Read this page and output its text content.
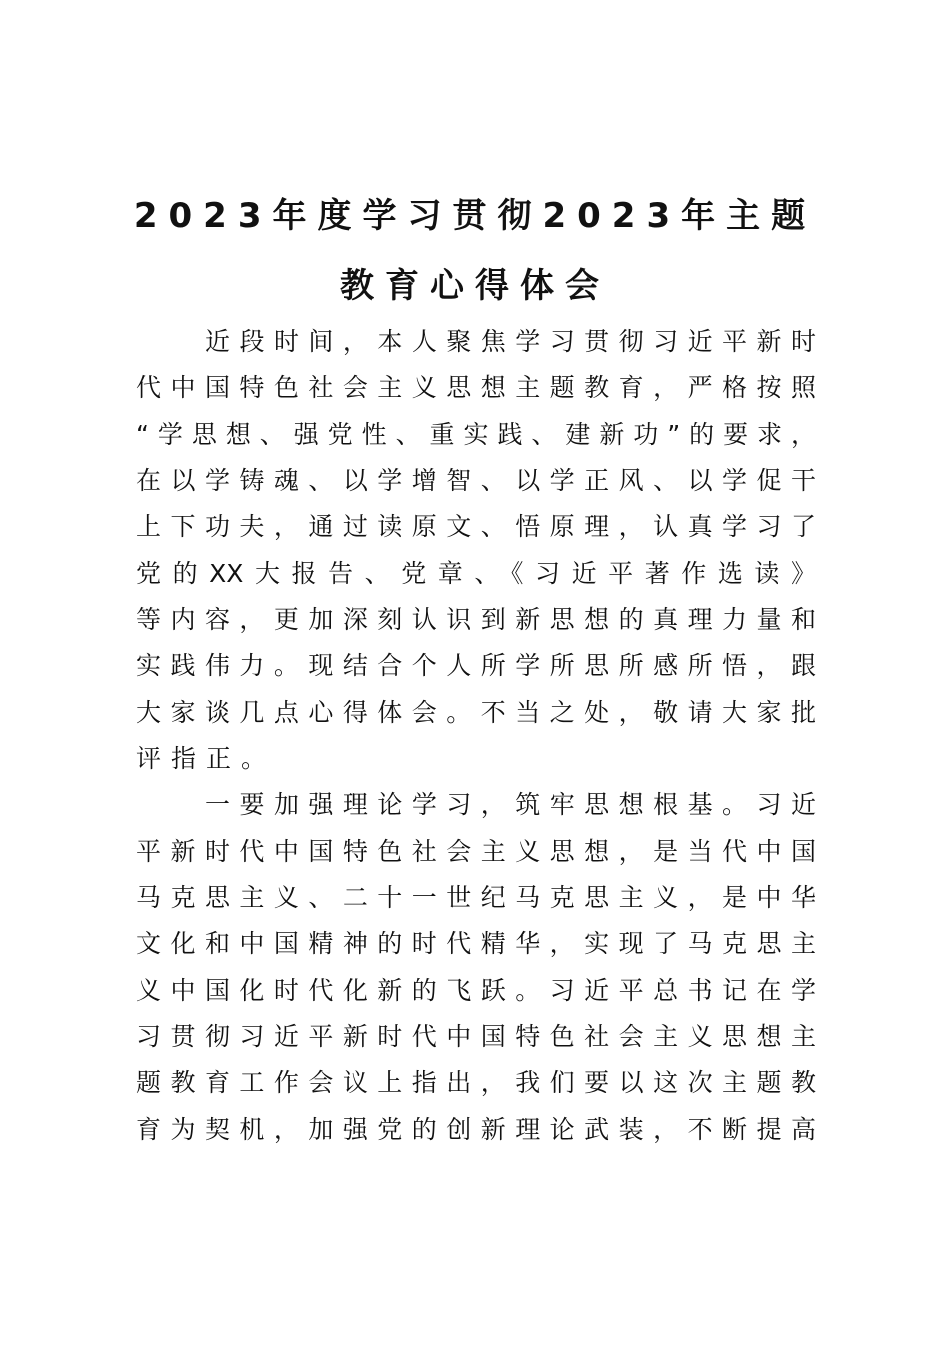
2023年度学习贯彻2023年主题
教育心得体会
近段时间，本人聚焦学习贯彻习近平新时
代中国特色社会主义思想主题教育，严格按照
“学思想、强党性、重实践、建新功”的要求，
在以学铸魂、以学增智、以学正风、以学促干
上下功夫，通过读原文、悟原理，认真学习了
党的XX大报告、党章、《习近平著作选读》
等内容，更加深刻认识到新思想的真理力量和
实践伟力。现结合个人所学所思所感所悟，跟
大家谈几点心得体会。不当之处，敬请大家批
评指正。
一要加强理论学习，筑牢思想根基。习近
平新时代中国特色社会主义思想，是当代中国
马克思主义、二十一世纪马克思主义，是中华
文化和中国精神的时代精华，实现了马克思主
义中国化时代化新的飞跃。习近平总书记在学
习贯彻习近平新时代中国特色社会主义思想主
题教育工作会议上指出，我们要以这次主题教
育为契机，加强党的创新理论武装，不断提高
